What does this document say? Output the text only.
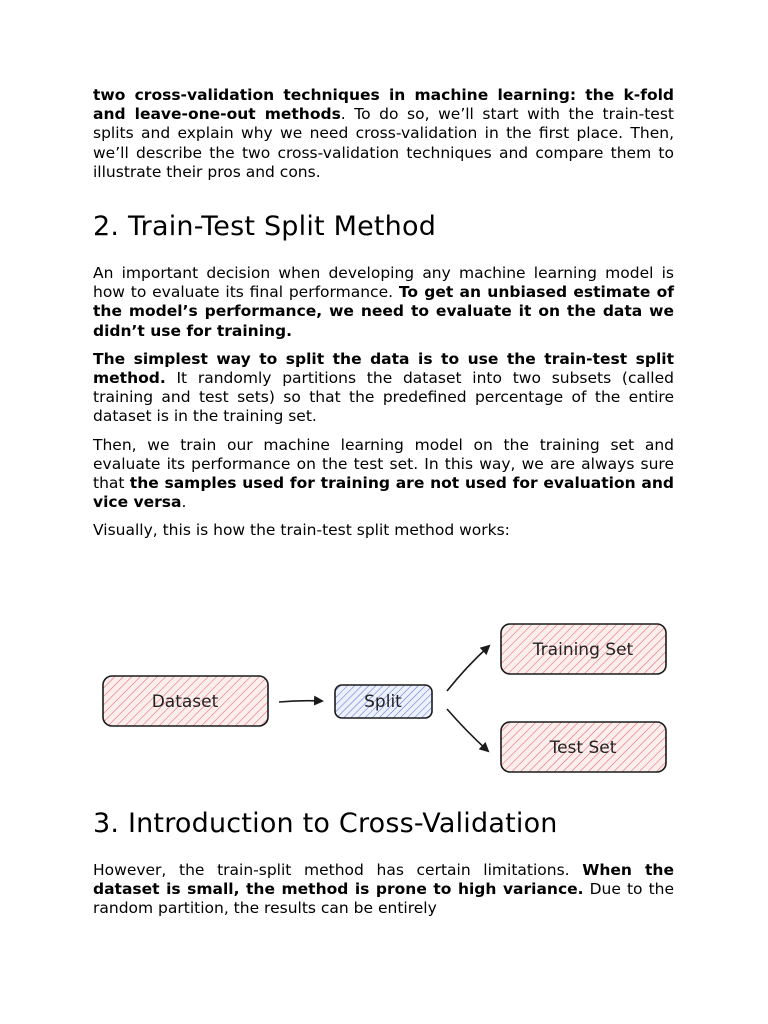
two cross-validation techniques in machine learning: the k-fold and leave-one-out methods. To do so, we’ll start with the train-test splits and explain why we need cross-validation in the first place. Then, we’ll describe the two cross-validation techniques and compare them to illustrate their pros and cons.

2. Train-Test Split Method

An important decision when developing any machine learning model is how to evaluate its final performance. To get an unbiased estimate of the model’s performance, we need to evaluate it on the data we didn’t use for training.

The simplest way to split the data is to use the train-test split method. It randomly partitions the dataset into two subsets (called training and test sets) so that the predefined percentage of the entire dataset is in the training set.

Then, we train our machine learning model on the training set and evaluate its performance on the test set. In this way, we are always sure that the samples used for training are not used for evaluation and vice versa.

Visually, this is how the train-test split method works:

Dataset	Split
Training Set
Test Set
3. Introduction to Cross-Validation

However, the train-split method has certain limitations. When the dataset is small, the method is prone to high variance. Due to the random partition, the results can be entirely
